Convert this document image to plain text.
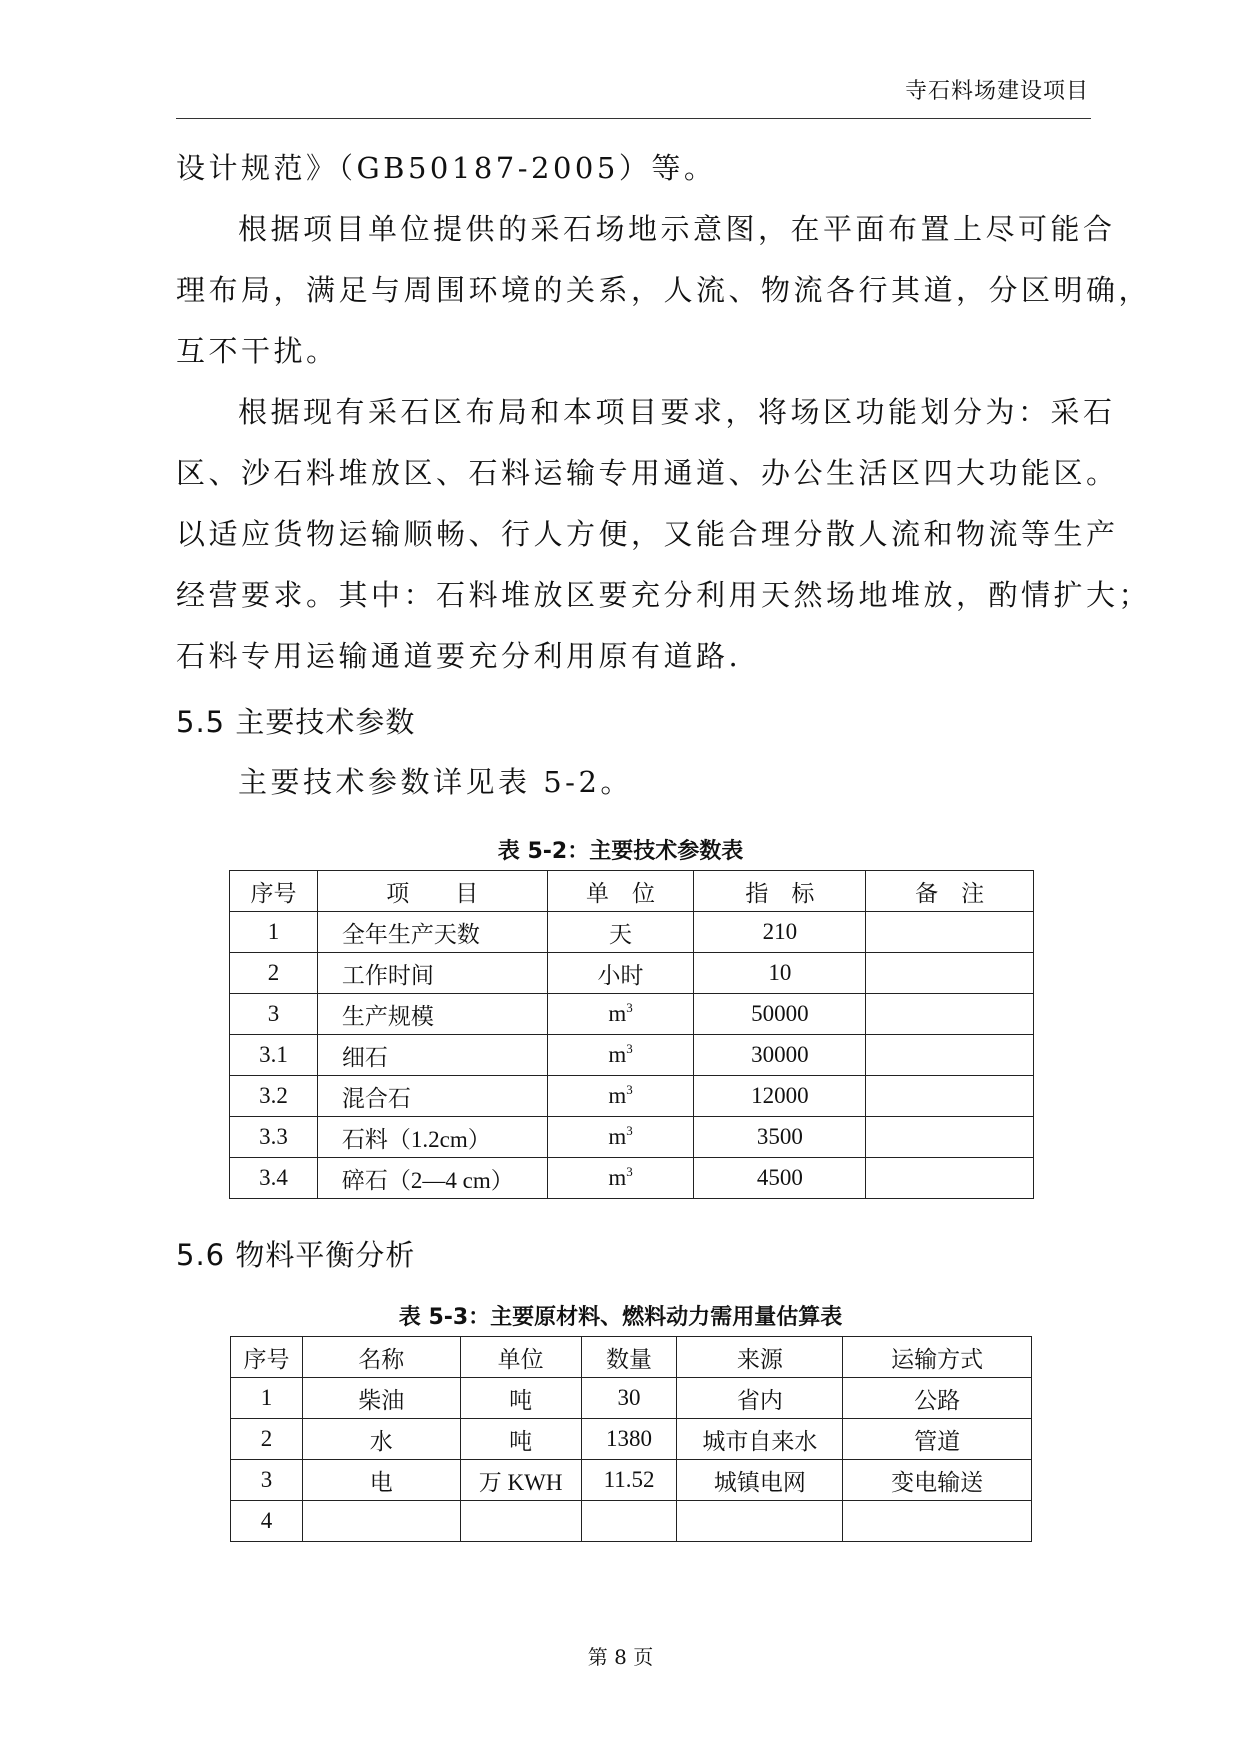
寺石料场建设项目

设计规范》（GB50187-2005）等。

根据项目单位提供的采石场地示意图，在平面布置上尽可能合
理布局，满足与周围环境的关系，人流、物流各行其道，分区明确，
互不干扰。

根据现有采石区布局和本项目要求，将场区功能划分为：采石
区、沙石料堆放区、石料运输专用通道、办公生活区四大功能区。
以适应货物运输顺畅、行人方便，又能合理分散人流和物流等生产
经营要求。其中：石料堆放区要充分利用天然场地堆放，酌情扩大；
石料专用运输通道要充分利用原有道路.

5.5 主要技术参数

主要技术参数详见表 5-2。

表 5-2：主要技术参数表
序号	项　　目	单　位	指　标	备　注
1	全年生产天数	天	210	
2	工作时间	小时	10	
3	生产规模	$m^3$	50000	
3.1	细石	$m^3$	30000	
3.2	混合石	$m^3$	12000	
3.3	石料（1.2cm）	$m^3$	3500	
3.4	碎石（2—4 cm）	$m^3$	4500	
5.6 物料平衡分析
表 5-3：主要原材料、燃料动力需用量估算表
序号	名称	单位	数量	来源	运输方式
1	柴油	吨	30	省内	公路
2	水	吨	1380	城市自来水	管道
3	电	万 KWH	11.52	城镇电网	变电输送
4					
第 8 页
